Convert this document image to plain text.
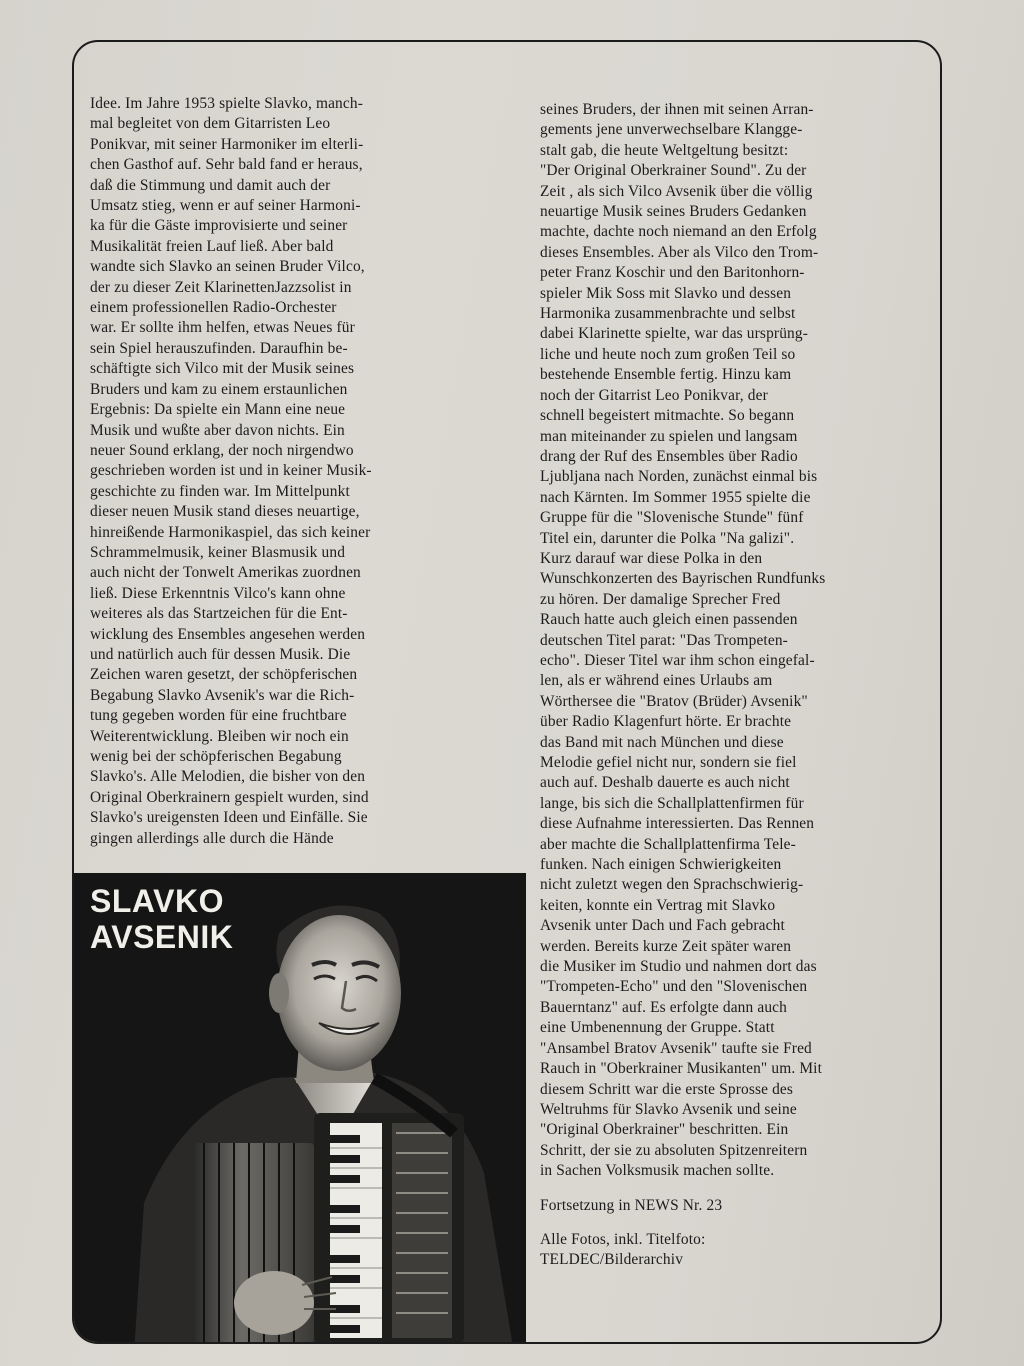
Idee. Im Jahre 1953 spielte Slavko, manch-
mal begleitet von dem Gitarristen Leo
Ponikvar, mit seiner Harmoniker im elterli-
chen Gasthof auf. Sehr bald fand er heraus,
daß die Stimmung und damit auch der
Umsatz stieg, wenn er auf seiner Harmoni-
ka für die Gäste improvisierte und seiner
Musikalität freien Lauf ließ. Aber bald
wandte sich Slavko an seinen Bruder Vilco,
der zu dieser Zeit KlarinettenJazzsolist in
einem professionellen Radio-Orchester
war. Er sollte ihm helfen, etwas Neues für
sein Spiel herauszufinden. Daraufhin be-
schäftigte sich Vilco mit der Musik seines
Bruders und kam zu einem erstaunlichen
Ergebnis: Da spielte ein Mann eine neue
Musik und wußte aber davon nichts. Ein
neuer Sound erklang, der noch nirgendwo
geschrieben worden ist und in keiner Musik-
geschichte zu finden war. Im Mittelpunkt
dieser neuen Musik stand dieses neuartige,
hinreißende Harmonikaspiel, das sich keiner
Schrammelmusik, keiner Blasmusik und
auch nicht der Tonwelt Amerikas zuordnen
ließ. Diese Erkenntnis Vilco's kann ohne
weiteres als das Startzeichen für die Ent-
wicklung des Ensembles angesehen werden
und natürlich auch für dessen Musik. Die
Zeichen waren gesetzt, der schöpferischen
Begabung Slavko Avsenik's war die Rich-
tung gegeben worden für eine fruchtbare
Weiterentwicklung. Bleiben wir noch ein
wenig bei der schöpferischen Begabung
Slavko's. Alle Melodien, die bisher von den
Original Oberkrainern gespielt wurden, sind
Slavko's ureigensten Ideen und Einfälle. Sie
gingen allerdings alle durch die Hände

seines Bruders, der ihnen mit seinen Arran-
gements jene unverwechselbare Klangge-
stalt gab, die heute Weltgeltung besitzt:
"Der Original Oberkrainer Sound". Zu der
Zeit , als sich Vilco Avsenik über die völlig
neuartige Musik seines Bruders Gedanken
machte, dachte noch niemand an den Erfolg
dieses Ensembles. Aber als Vilco den Trom-
peter Franz Koschir und den Baritonhorn-
spieler Mik Soss mit Slavko und dessen
Harmonika zusammenbrachte und selbst
dabei Klarinette spielte, war das ursprüng-
liche und heute noch zum großen Teil so
bestehende Ensemble fertig. Hinzu kam
noch der Gitarrist Leo Ponikvar, der
schnell begeistert mitmachte. So begann
man miteinander zu spielen und langsam
drang der Ruf des Ensembles über Radio
Ljubljana nach Norden, zunächst einmal bis
nach Kärnten. Im Sommer 1955 spielte die
Gruppe für die "Slovenische Stunde" fünf
Titel ein, darunter die Polka "Na galizi".
Kurz darauf war diese Polka in den
Wunschkonzerten des Bayrischen Rundfunks
zu hören. Der damalige Sprecher Fred
Rauch hatte auch gleich einen passenden
deutschen Titel parat: "Das Trompeten-
echo". Dieser Titel war ihm schon eingefal-
len, als er während eines Urlaubs am
Wörthersee die "Bratov (Brüder) Avsenik"
über Radio Klagenfurt hörte. Er brachte
das Band mit nach München und diese
Melodie gefiel nicht nur, sondern sie fiel
auch auf. Deshalb dauerte es auch nicht
lange, bis sich die Schallplattenfirmen für
diese Aufnahme interessierten. Das Rennen
aber machte die Schallplattenfirma Tele-
funken. Nach einigen Schwierigkeiten
nicht zuletzt wegen den Sprachschwierig-
keiten, konnte ein Vertrag mit Slavko
Avsenik unter Dach und Fach gebracht
werden. Bereits kurze Zeit später waren
die Musiker im Studio und nahmen dort das
"Trompeten-Echo" und den "Slovenischen
Bauerntanz" auf. Es erfolgte dann auch
eine Umbenennung der Gruppe. Statt
"Ansambel Bratov Avsenik" taufte sie Fred
Rauch in "Oberkrainer Musikanten" um. Mit
diesem Schritt war die erste Sprosse des
Weltruhms für Slavko Avsenik und seine
"Original Oberkrainer" beschritten. Ein
Schritt, der sie zu absoluten Spitzenreitern
in Sachen Volksmusik machen sollte.

Fortsetzung in NEWS Nr. 23

Alle Fotos, inkl. Titelfoto:
TELDEC/Bilderarchiv

SLAVKO
AVSENIK
